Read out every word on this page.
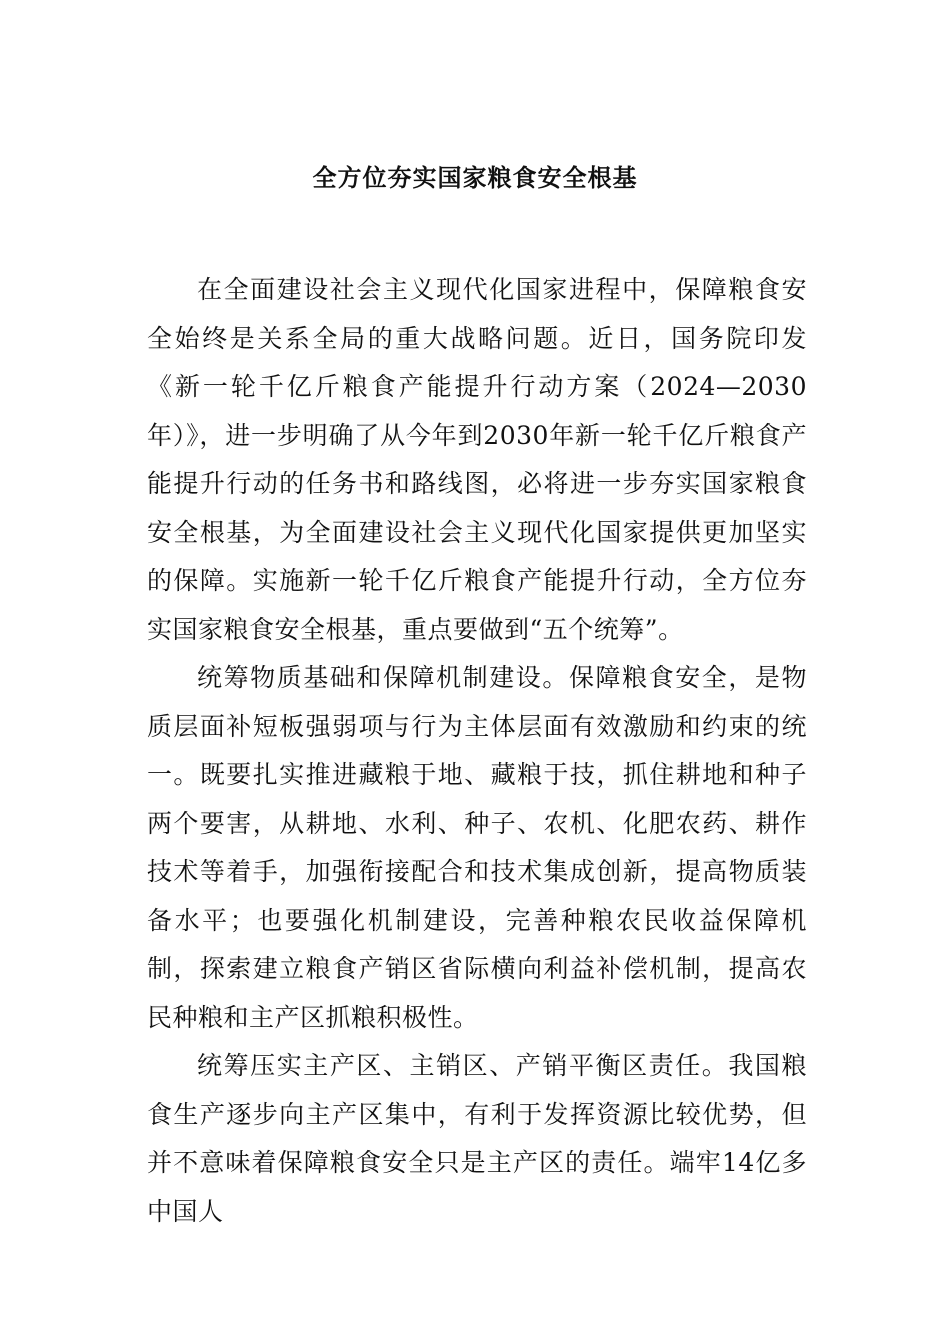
全方位夯实国家粮食安全根基

在全面建设社会主义现代化国家进程中，保障粮食安全始终是关系全局的重大战略问题。近日，国务院印发《新一轮千亿斤粮食产能提升行动方案（2024—2030年）》，进一步明确了从今年到2030年新一轮千亿斤粮食产能提升行动的任务书和路线图，必将进一步夯实国家粮食安全根基，为全面建设社会主义现代化国家提供更加坚实的保障。实施新一轮千亿斤粮食产能提升行动，全方位夯实国家粮食安全根基，重点要做到“五个统筹”。

统筹物质基础和保障机制建设。保障粮食安全，是物质层面补短板强弱项与行为主体层面有效激励和约束的统一。既要扎实推进藏粮于地、藏粮于技，抓住耕地和种子两个要害，从耕地、水利、种子、农机、化肥农药、耕作技术等着手，加强衔接配合和技术集成创新，提高物质装备水平；也要强化机制建设，完善种粮农民收益保障机制，探索建立粮食产销区省际横向利益补偿机制，提高农民种粮和主产区抓粮积极性。

统筹压实主产区、主销区、产销平衡区责任。我国粮食生产逐步向主产区集中，有利于发挥资源比较优势，但并不意味着保障粮食安全只是主产区的责任。端牢14亿多中国人
